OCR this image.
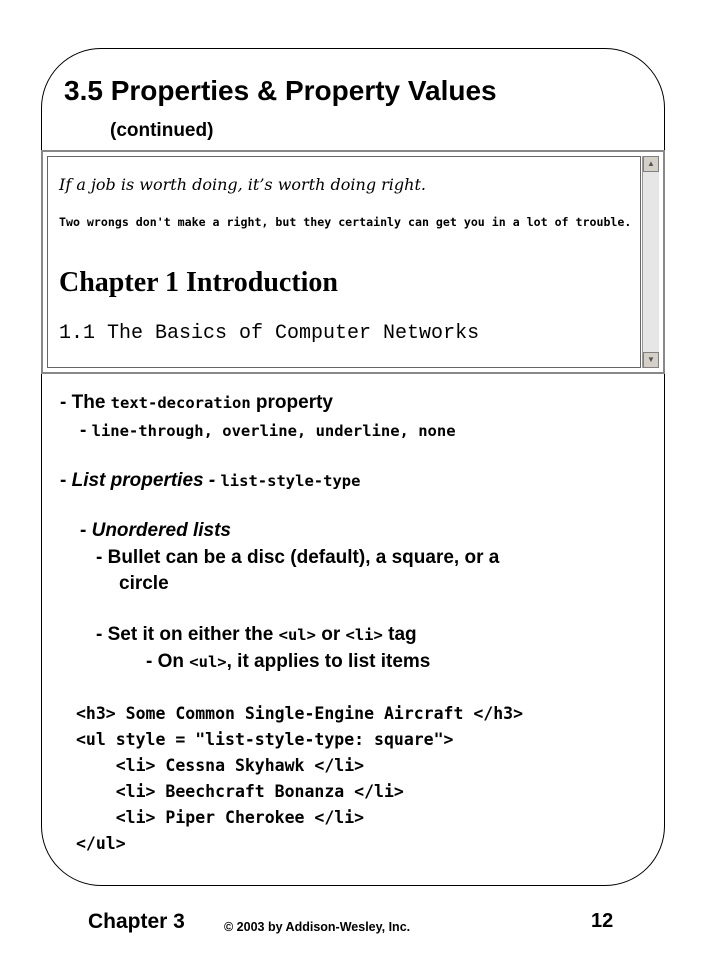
3.5 Properties & Property Values
(continued)
If a job is worth doing, it’s worth doing right.
Two wrongs don't make a right, but they certainly can get you in a lot of trouble.
Chapter 1 Introduction
1.1 The Basics of Computer Networks
▲
▼
- The text-decoration property
- line-through, overline, underline, none
- List properties - list-style-type
- Unordered lists
- Bullet can be a disc (default), a square, or a
circle
- Set it on either the <ul> or <li> tag
- On <ul>, it applies to list items
<h3> Some Common Single-Engine Aircraft </h3>
<ul style = "list-style-type: square">
<li> Cessna Skyhawk </li>
<li> Beechcraft Bonanza </li>
<li> Piper Cherokee </li>
</ul>
Chapter 3	© 2003 by Addison-Wesley, Inc.	12
